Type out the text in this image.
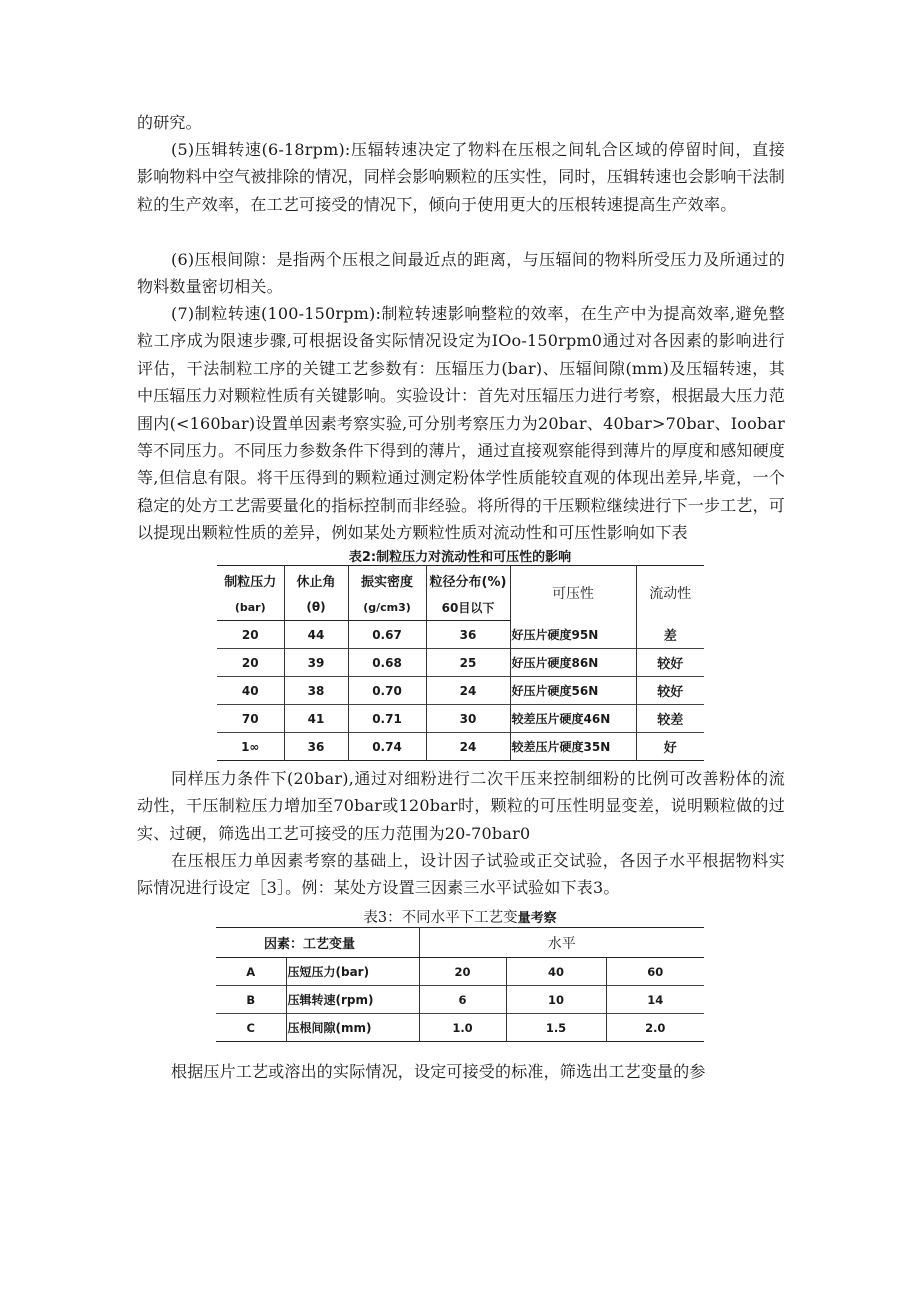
的研究。

(5)压辑转速(6-18rpm):压辐转速决定了物料在压根之间轧合区域的停留时间，直接影响物料中空气被排除的情况，同样会影响颗粒的压实性，同时，压辑转速也会影响干法制粒的生产效率，在工艺可接受的情况下，倾向于使用更大的压根转速提高生产效率。

(6)压根间隙：是指两个压根之间最近点的距离，与压辐间的物料所受压力及所通过的物料数量密切相关。

(7)制粒转速(100-150rpm):制粒转速影响整粒的效率，在生产中为提高效率,避免整粒工序成为限速步骤,可根据设备实际情况设定为IOo-150rpm0通过对各因素的影响进行评估，干法制粒工序的关键工艺参数有：压辐压力(bar)、压辐间隙(mm)及压辐转速，其中压辐压力对颗粒性质有关键影响。实验设计：首先对压辐压力进行考察，根据最大压力范围内(<160bar)设置单因素考察实验,可分别考察压力为20bar、40bar>70bar、Ioobar等不同压力。不同压力参数条件下得到的薄片，通过直接观察能得到薄片的厚度和感知硬度等,但信息有限。将干压得到的颗粒通过测定粉体学性质能较直观的体现出差异,毕竟，一个稳定的处方工艺需要量化的指标控制而非经验。将所得的干压颗粒继续进行下一步工艺，可以提现出颗粒性质的差异，例如某处方颗粒性质对流动性和可压性影响如下表

表2:制粒压力对流动性和可压性的影响

制粒压力	休止角	振实密度	粒径分布(%)	可压性	流动性
(bar)	(θ)	(g/cm3)	60目以下		
20	44	0.67	36	好压片硬度95N	差
20	39	0.68	25	好压片硬度86N	较好
40	38	0.70	24	好压片硬度56N	较好
70	41	0.71	30	较差压片硬度46N	较差
1∞	36	0.74	24	较差压片硬度35N	好

同样压力条件下(20bar),通过对细粉进行二次干压来控制细粉的比例可改善粉体的流动性，干压制粒压力增加至70bar或120bar时，颗粒的可压性明显变差，说明颗粒做的过实、过硬，筛选出工艺可接受的压力范围为20-70bar0

在压根压力单因素考察的基础上，设计因子试验或正交试验，各因子水平根据物料实际情况进行设定［3］。例：某处方设置三因素三水平试验如下表3。

表3：不同水平下工艺变量考察

因素：工艺变量		水平		
A	压短压力(bar)	20	40	60
B	压辑转速(rpm)	6	10	14
C	压根间隙(mm)	1.0	1.5	2.0

根据压片工艺或溶出的实际情况，设定可接受的标准，筛选出工艺变量的参
